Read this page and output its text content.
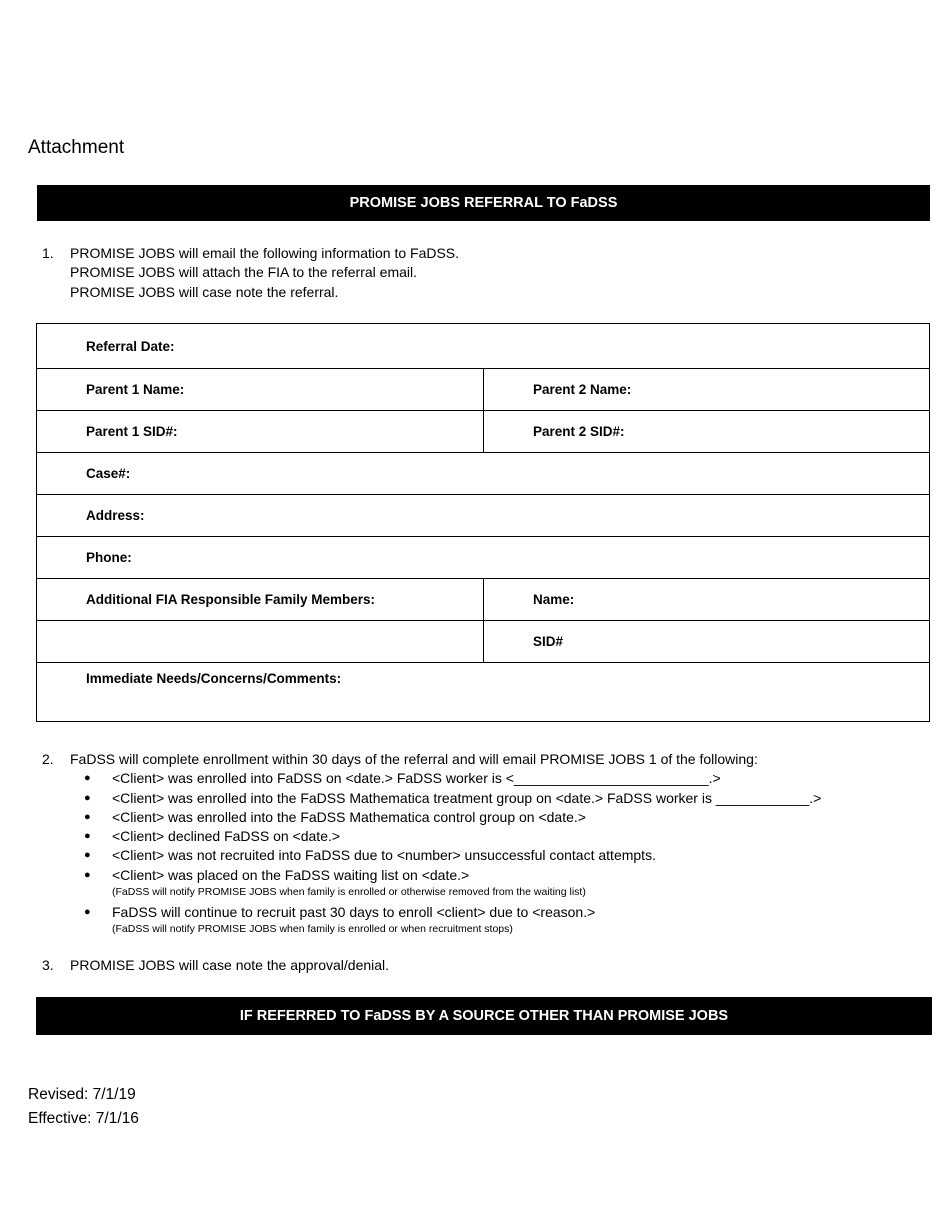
Attachment
PROMISE JOBS REFERRAL TO FaDSS
1. PROMISE JOBS will email the following information to FaDSS.
PROMISE JOBS will attach the FIA to the referral email.
PROMISE JOBS will case note the referral.
Referral Date:	
Parent 1 Name:	Parent 2 Name:
Parent 1 SID#:	Parent 2 SID#:
Case#:	
Address:	
Phone:	
Additional FIA Responsible Family Members:	Name:
	SID#
Immediate Needs/Concerns/Comments:	
2. FaDSS will complete enrollment within 30 days of the referral and will email PROMISE JOBS 1 of the following:
● <Client> was enrolled into FaDSS on <date.> FaDSS worker is <_________________________.>
● <Client> was enrolled into the FaDSS Mathematica treatment group on <date.> FaDSS worker is ____________.>
● <Client> was enrolled into the FaDSS Mathematica control group on <date.>
● <Client> declined FaDSS on <date.>
● <Client> was not recruited into FaDSS due to <number> unsuccessful contact attempts.
● <Client> was placed on the FaDSS waiting list on <date.>
(FaDSS will notify PROMISE JOBS when family is enrolled or otherwise removed from the waiting list)
● FaDSS will continue to recruit past 30 days to enroll <client> due to <reason.>
(FaDSS will notify PROMISE JOBS when family is enrolled or when recruitment stops)
3. PROMISE JOBS will case note the approval/denial.
IF REFERRED TO FaDSS BY A SOURCE OTHER THAN PROMISE JOBS
Revised: 7/1/19
Effective: 7/1/16
